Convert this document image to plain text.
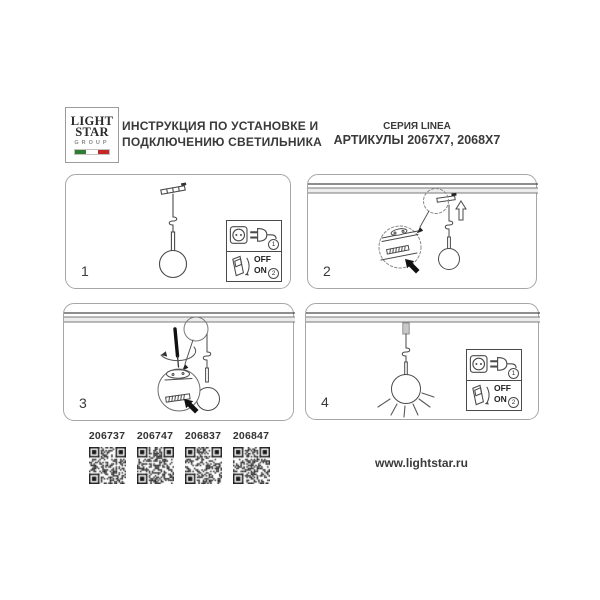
LIGHT
STAR
GROUP
ИНСТРУКЦИЯ ПО УСТАНОВКЕ И
ПОДКЛЮЧЕНИЮ СВЕТИЛЬНИКА
СЕРИЯ LINEA
АРТИКУЛЫ 2067X7, 2068X7
1
OFF
ON 2
1	2
3
1
OFF
ON 2
4
206737	206747	206837	206847
www.lightstar.ru
